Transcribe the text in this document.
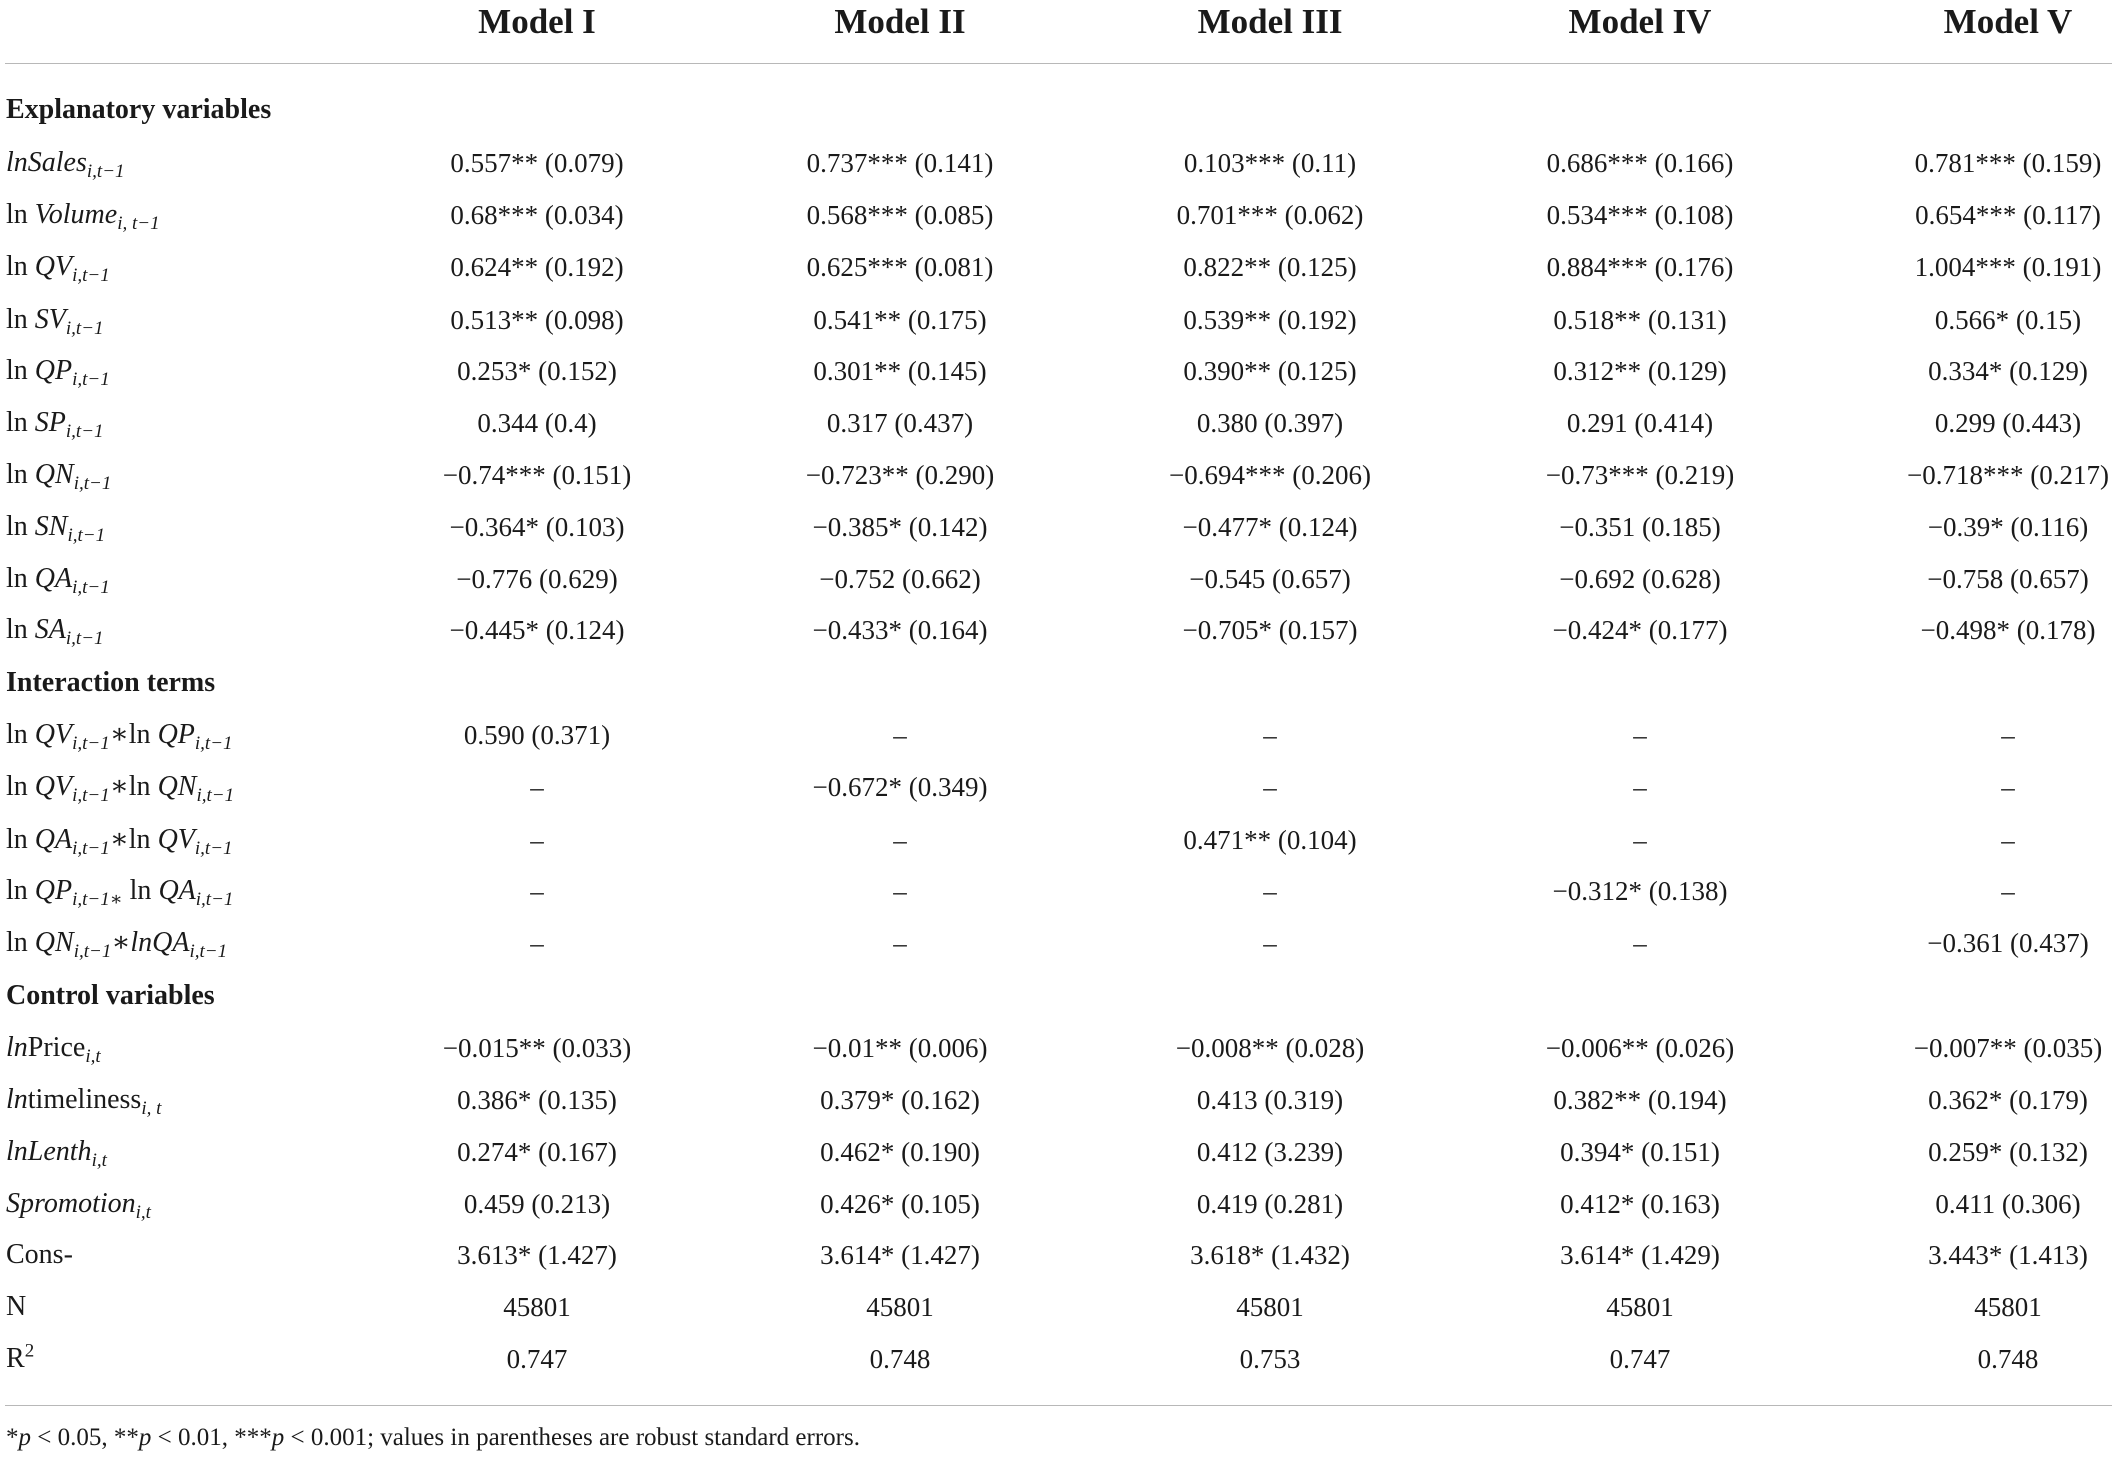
Model I	Model II	Model III	Model IV	Model V
Explanatory variables
lnSales$_{i,t-1}$	0.557** (0.079)	0.737*** (0.141)	0.103*** (0.11)	0.686*** (0.166)	0.781*** (0.159)
ln Volume$_{i, t-1}$	0.68*** (0.034)	0.568*** (0.085)	0.701*** (0.062)	0.534*** (0.108)	0.654*** (0.117)
$\ln QV_{i,t-1}$	0.624** (0.192)	0.625*** (0.081)	0.822** (0.125)	0.884*** (0.176)	1.004*** (0.191)
$\ln SV_{i,t-1}$	0.513** (0.098)	0.541** (0.175)	0.539** (0.192)	0.518** (0.131)	0.566* (0.15)
$\ln QP_{i,t-1}$	0.253* (0.152)	0.301** (0.145)	0.390** (0.125)	0.312** (0.129)	0.334* (0.129)
$\ln SP_{i,t-1}$	0.344 (0.4)	0.317 (0.437)	0.380 (0.397)	0.291 (0.414)	0.299 (0.443)
$\ln QN_{i,t-1}$	−0.74*** (0.151)	−0.723** (0.290)	−0.694*** (0.206)	−0.73*** (0.219)	−0.718*** (0.217)
$\ln SN_{i,t-1}$	−0.364* (0.103)	−0.385* (0.142)	−0.477* (0.124)	−0.351 (0.185)	−0.39* (0.116)
$\ln QA_{i,t-1}$	−0.776 (0.629)	−0.752 (0.662)	−0.545 (0.657)	−0.692 (0.628)	−0.758 (0.657)
$\ln SA_{i,t-1}$	−0.445* (0.124)	−0.433* (0.164)	−0.705* (0.157)	−0.424* (0.177)	−0.498* (0.178)
Interaction terms
$\ln QV_{i,t-1}∗\ln$ $QP_{i,t-1}$	0.590 (0.371)	–	–	–	–
$\ln QV_{i,t-1}∗\ln$ $QN_{i,t-1}$	–	−0.672* (0.349)	–	–	–
$\ln QA_{i,t-1}∗\ln$ $QV_{i,t-1}$	–	–	0.471** (0.104)	–	–
$\ln QP_{i,t-1∗}$ $\ln QA_{i,t-1}$	–	–	–	−0.312* (0.138)	–
$\ln QN_{i,t-1}∗lnQA_{i,t-1}$	–	–	–	–	−0.361 (0.437)
Control variables
lnPrice$_{i,t}$	−0.015** (0.033)	−0.01** (0.006)	−0.008** (0.028)	−0.006** (0.026)	−0.007** (0.035)
lntimeliness$_{i, t}$	0.386* (0.135)	0.379* (0.162)	0.413 (0.319)	0.382** (0.194)	0.362* (0.179)
lnLenth$_{i,t}$	0.274* (0.167)	0.462* (0.190)	0.412 (3.239)	0.394* (0.151)	0.259* (0.132)
Spromotion$_{i,t}$	0.459 (0.213)	0.426* (0.105)	0.419 (0.281)	0.412* (0.163)	0.411 (0.306)
Cons-	3.613* (1.427)	3.614* (1.427)	3.618* (1.432)	3.614* (1.429)	3.443* (1.413)
N	45801	45801	45801	45801	45801
$R^2$	0.747	0.748	0.753	0.747	0.748
*p < 0.05, **p < 0.01, ***p < 0.001; values in parentheses are robust standard errors.
